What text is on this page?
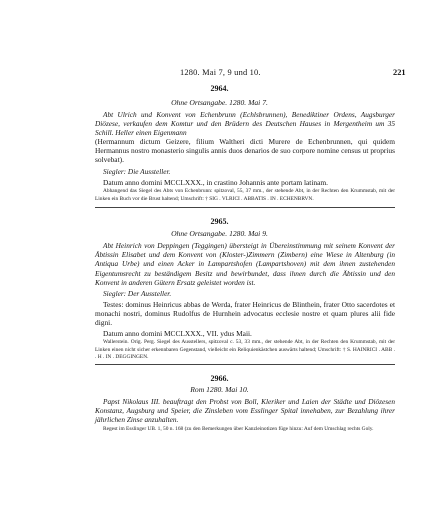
1280. Mai 7, 9 und 10.	221
2964.
Ohne Ortsangabe. 1280. Mai 7.

Abt Ulrich und Konvent von Echenbrunn (Echlsbrunnen), Benediktiner Ordens, Augsburger Diözese, verkaufen dem Komtur und den Brüdern des Deutschen Hauses in Mergentheim um 35 Schill. Heller einen Eigenmann

(Hermannum dictum Geizere, filium Waltheri dicti Murere de Echenbrunnen, qui quidem Hermannus nostro monasterio singulis annis duos denarios de suo corpore nomine census ut proprius solvebat).

Siegler: Die Aussteller.

Datum anno domini MCCLXXX., in crastino Johannis ante portam latinam.

Abhangend das Siegel des Abts von Echenbrunn: spitzoval, 55, 37 mm., der stehende Abt, in der Rechten den Krummstab, mit der Linken ein Buch vor die Brust haltend; Umschrift: † SIG . VLRICI . ABBATIS . IN . ECHENBRVN.

2965.
Ohne Ortsangabe. 1280. Mai 9.

Abt Heinrich von Deppingen (Teggingen) übersteigt in Übereinstimmung mit seinem Konvent der Äbtissin Elisabet und dem Konvent von (Kloster-)Zimmern (Zimbern) eine Wiese in Altenburg (in Antiqua Urbe) und einen Acker in Lampartshofen (Lampartshoven) mit dem ihnen zustehenden Eigentumsrecht zu beständigem Besitz und bewirbundet, dass ihnen durch die Äbtissin und den Konvent in anderen Gütern Ersatz geleistet worden ist.

Siegler: Der Aussteller.

Testes: dominus Heinricus abbas de Werda, frater Heinricus de Blinthein, frater Otto sacerdotes et monachi nostri, dominus Rudolfus de Hurnhein advocatus ecclesie nostre et quam plures alii fide digni.

Datum anno domini MCCLXXX., VII. ydus Maii.

Wallerstein. Orig. Perg. Siegel des Ausstellers, spitzoval c. 53, 33 mm., der stehende Abt, in der Rechten den Krummstab, mit der Linken einen nicht sicher erkennbaren Gegenstand, vielleicht ein Reliquienkästchen auswärts haltend; Umschrift: † S. HAINRICI . ABB . . H . IN . DEGGINGEN.

2966.
Rom 1280. Mai 10.

Papst Nikolaus III. beauftragt den Probst von Boll, Kleriker und Laien der Städte und Diözesen Konstanz, Augsburg und Speier, die Zinsleben vom Esslinger Spital innehaben, zur Bezahlung ihrer jährlichen Zinse anzuhalten.

Regest im Esslinger UB. 1, 50 n. 168 (zu den Bemerkungen über Kanzleinotizen füge hinzu: Auf dem Umschlag rechts Goly.
